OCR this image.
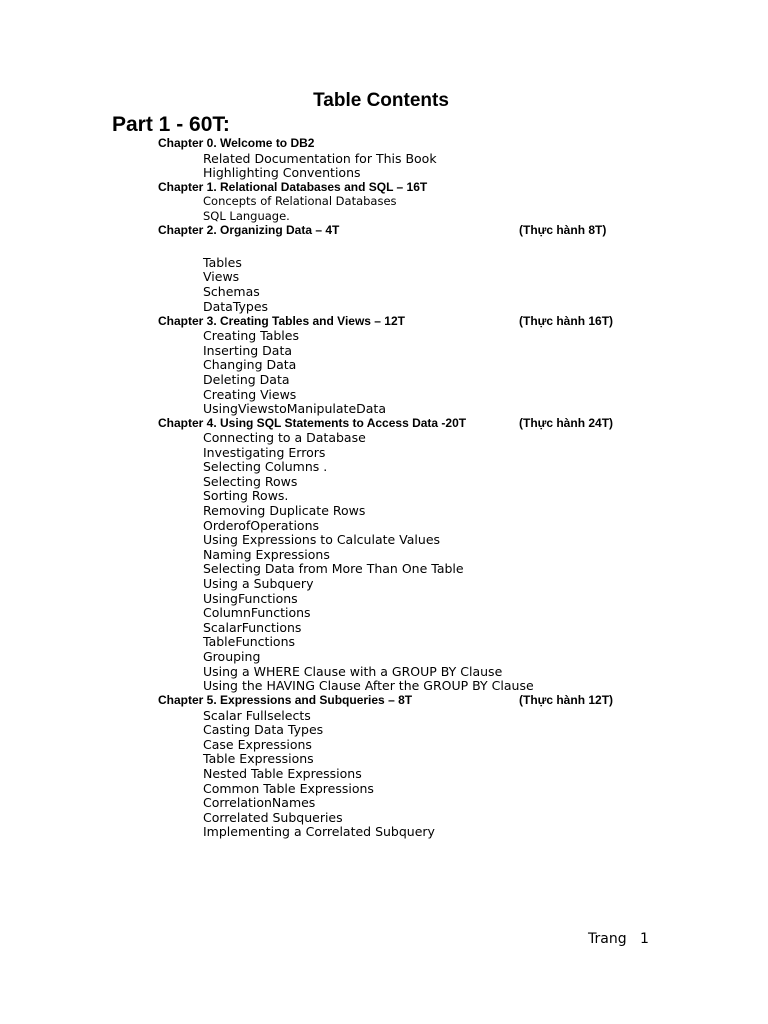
Table Contents
Part 1 - 60T:
Chapter 0. Welcome to DB2
Related Documentation for This Book
Highlighting Conventions
Chapter 1. Relational Databases and SQL – 16T
Concepts of Relational Databases
SQL Language.
Chapter 2. Organizing Data – 4T	(Thực hành 8T)
Tables
Views
Schemas
DataTypes
Chapter 3. Creating Tables and Views – 12T	(Thực hành 16T)
Creating Tables
Inserting Data
Changing Data
Deleting Data
Creating Views
UsingViewstoManipulateData
Chapter 4. Using SQL Statements to Access Data -20T	(Thực hành 24T)
Connecting to a Database
Investigating Errors
Selecting Columns .
Selecting Rows
Sorting Rows.
Removing Duplicate Rows
OrderofOperations
Using Expressions to Calculate Values
Naming Expressions
Selecting Data from More Than One Table
Using a Subquery
UsingFunctions
ColumnFunctions
ScalarFunctions
TableFunctions
Grouping
Using a WHERE Clause with a GROUP BY Clause
Using the HAVING Clause After the GROUP BY Clause
Chapter 5. Expressions and Subqueries – 8T	(Thực hành 12T)
Scalar Fullselects
Casting Data Types
Case Expressions
Table Expressions
Nested Table Expressions
Common Table Expressions
CorrelationNames
Correlated Subqueries
Implementing a Correlated Subquery
Trang 1
